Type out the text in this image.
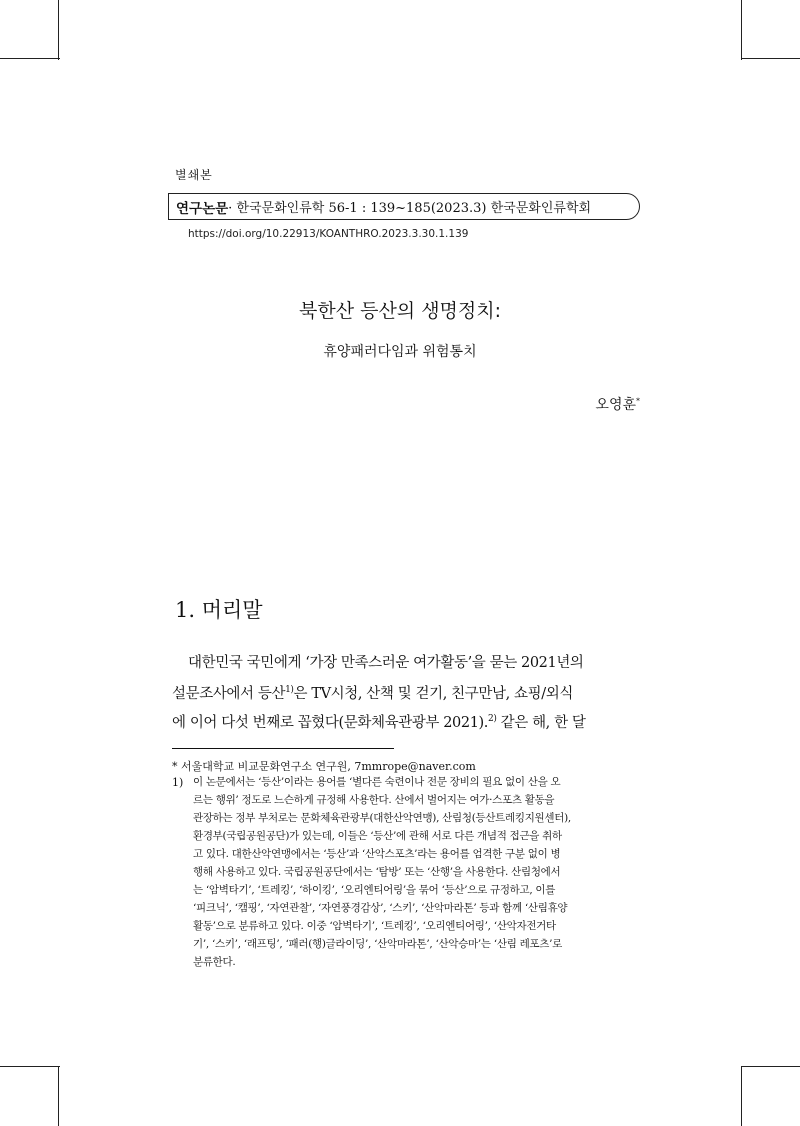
별쇄본
연구논문 · 한국문화인류학 56-1 : 139~185(2023.3) 한국문화인류학회
https://doi.org/10.22913/KOANTHRO.2023.3.30.1.139
북한산 등산의 생명정치:
휴양패러다임과 위험통치
오영훈*
1. 머리말
대한민국 국민에게 ‘가장 만족스러운 여가활동’을 묻는 2021년의
설문조사에서 등산$^{1)}$은 TV시청, 산책 및 걷기, 친구만남, 쇼핑/외식
에 이어 다섯 번째로 꼽혔다(문화체육관광부 2021).$^{2)}$ 같은 해, 한 달
* 서울대학교 비교문화연구소 연구원, 7mmrope@naver.com
1) 이 논문에서는 ‘등산’이라는 용어를 ‘별다른 숙련이나 전문 장비의 필요 없이 산을 오
르는 행위’ 정도로 느슨하게 규정해 사용한다. 산에서 벌어지는 여가·스포츠 활동을
관장하는 정부 부처로는 문화체육관광부(대한산악연맹), 산림청(등산트레킹지원센터),
환경부(국립공원공단)가 있는데, 이들은 ‘등산’에 관해 서로 다른 개념적 접근을 취하
고 있다. 대한산악연맹에서는 ‘등산’과 ‘산악스포츠’라는 용어를 엄격한 구분 없이 병
행해 사용하고 있다. 국립공원공단에서는 ‘탐방’ 또는 ‘산행’을 사용한다. 산림청에서
는 ‘암벽타기’, ‘트레킹’, ‘하이킹’, ‘오리엔티어링’을 묶어 ‘등산’으로 규정하고, 이를
‘피크닉’, ‘캠핑’, ‘자연관찰’, ‘자연풍경감상’, ‘스키’, ‘산악마라톤’ 등과 함께 ‘산림휴양
활동’으로 분류하고 있다. 이중 ‘암벽타기’, ‘트레킹’, ‘오리엔티어링’, ‘산악자전거타
기’, ‘스키’, ‘래프팅’, ‘패러(행)글라이딩’, ‘산악마라톤’, ‘산악승마’는 ‘산림 레포츠’로
분류한다.
